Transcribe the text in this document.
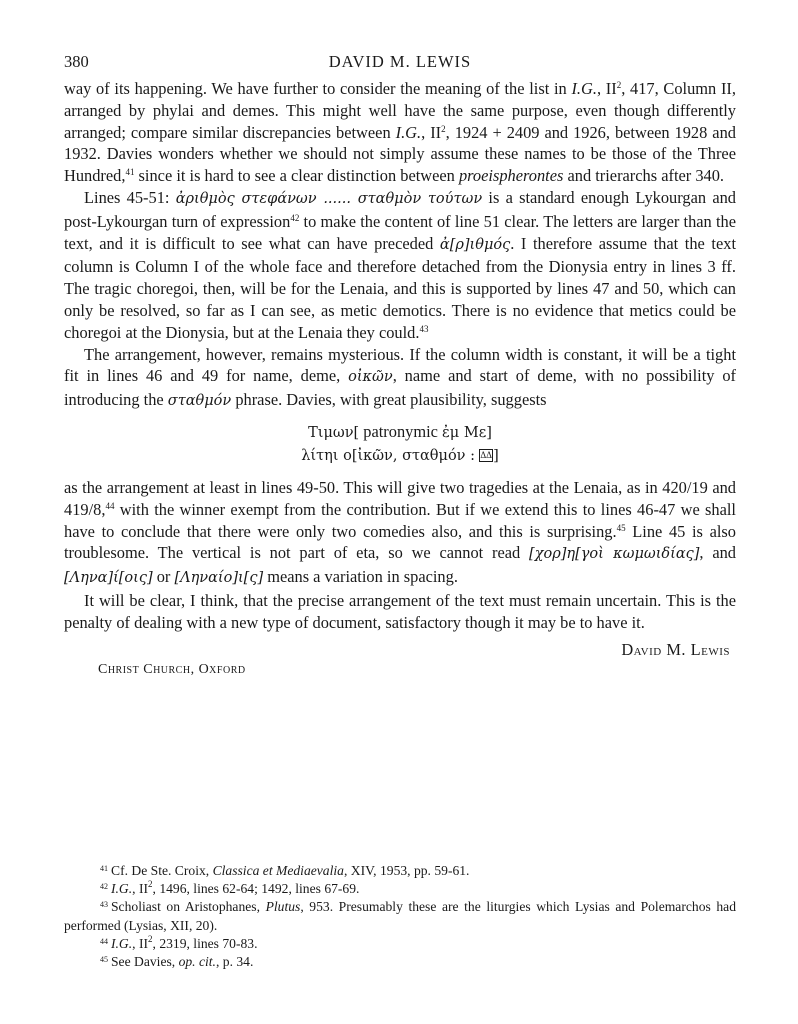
380	DAVID M. LEWIS

way of its happening. We have further to consider the meaning of the list in I.G., $II^2$, 417, Column II, arranged by phylai and demes. This might well have the same purpose, even though differently arranged; compare similar discrepancies between I.G., $II^2$, 1924 + 2409 and 1926, between 1928 and 1932. Davies wonders whether we should not simply assume these names to be those of the Three Hundred,$^{41}$ since it is hard to see a clear distinction between proeispherontes and trierarchs after 340.

Lines 45-51: ἀριθμὸς στεφάνων ...... σταθμὸν τούτων is a standard enough Lykourgan and post-Lykourgan turn of expression$^{42}$ to make the content of line 51 clear. The letters are larger than the text, and it is difficult to see what can have preceded ἀ[ρ]ιθμός. I therefore assume that the text column is Column I of the whole face and therefore detached from the Dionysia entry in lines 3 ff. The tragic choregoi, then, will be for the Lenaia, and this is supported by lines 47 and 50, which can only be resolved, so far as I can see, as metic demotics. There is no evidence that metics could be choregoi at the Dionysia, but at the Lenaia they could.$^{43}$

The arrangement, however, remains mysterious. If the column width is constant, it will be a tight fit in lines 46 and 49 for name, deme, οἰκῶν, name and start of deme, with no possibility of introducing the σταθμόν phrase. Davies, with great plausibility, suggests

Τιμων[ patronymic ἐμ Με]
λίτηι ο[ἰκῶν, σταθμόν : ΔΔ]

as the arrangement at least in lines 49-50. This will give two tragedies at the Lenaia, as in 420/19 and 419/8,44 with the winner exempt from the contribution. But if we extend this to lines 46-47 we shall have to conclude that there were only two comedies also, and this is surprising.$^{45}$ Line 45 is also troublesome. The vertical is not part of eta, so we cannot read [χορ]η[γοὶ κωμωιδίας], and [Ληνα]ί[οις] or [Ληναίο]ι[ς] means a variation in spacing.

It will be clear, I think, that the precise arrangement of the text must remain uncertain. This is the penalty of dealing with a new type of document, satisfactory though it may be to have it.

David M. Lewis
Christ Church, Oxford
$^{41}$ Cf. De Ste. Croix, Classica et Mediaevalia, XIV, 1953, pp. 59-61.
$^{42}$ I.G., $II^2$, 1496, lines 62-64; 1492, lines 67-69.
$^{43}$ Scholiast on Aristophanes, Plutus, 953. Presumably these are the liturgies which Lysias and Polemarchos had performed (Lysias, XII, 20).
$^{44}$ I.G., $II^2$, 2319, lines 70-83.
$^{45}$ See Davies, op. cit., p. 34.
